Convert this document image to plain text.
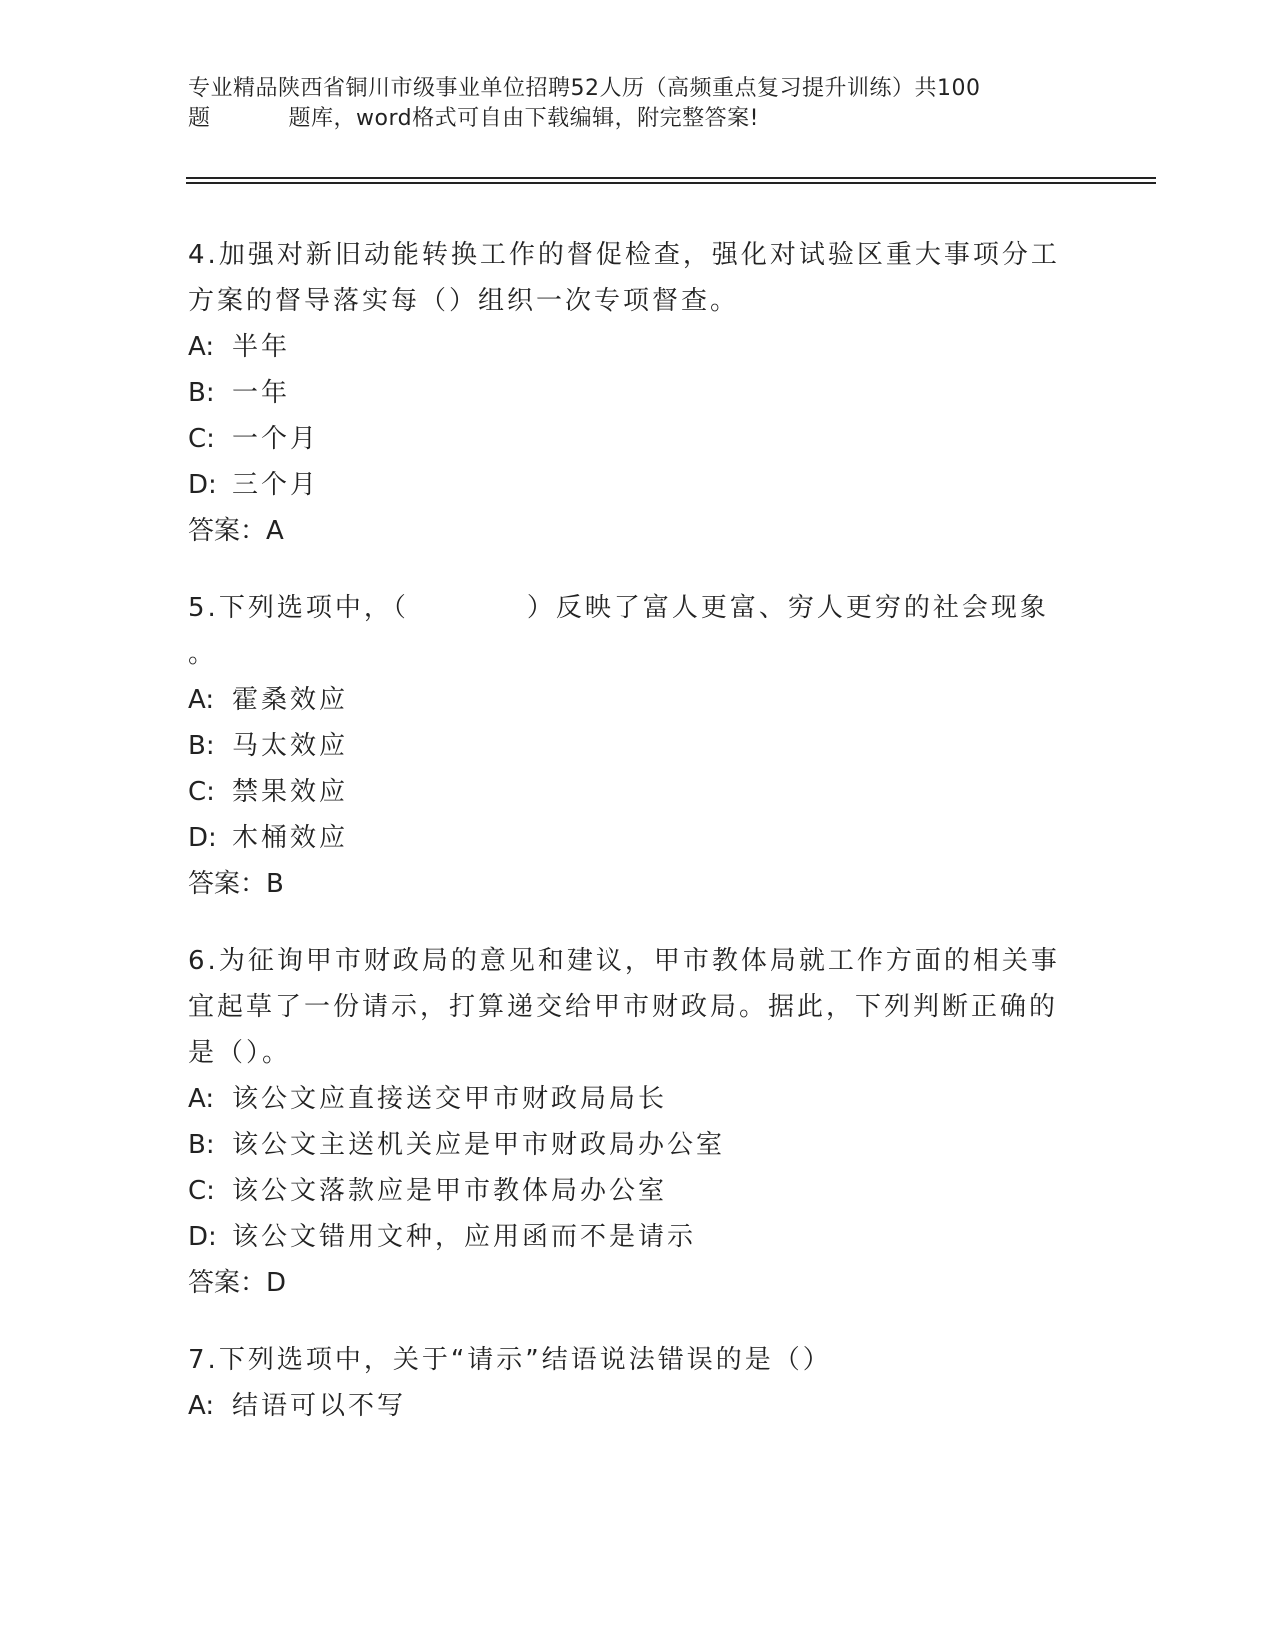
专业精品陕西省铜川市级事业单位招聘52人历（高频重点复习提升训练）共100
题	题库，word格式可自由下载编辑，附完整答案!
4.加强对新旧动能转换工作的督促检查，强化对试验区重大事项分工方案的督导落实每（）组织一次专项督查。
A: 半年
B: 一年
C: 一个月
D: 三个月
答案：A
5.下列选项中，（	）反映了富人更富、穷人更穷的社会现象
。
A: 霍桑效应
B: 马太效应
C: 禁果效应
D: 木桶效应
答案：B
6.为征询甲市财政局的意见和建议，甲市教体局就工作方面的相关事宜起草了一份请示，打算递交给甲市财政局。据此，下列判断正确的是（）。
A: 该公文应直接送交甲市财政局局长
B: 该公文主送机关应是甲市财政局办公室
C: 该公文落款应是甲市教体局办公室
D: 该公文错用文种，应用函而不是请示
答案：D
7.下列选项中，关于“请示”结语说法错误的是（）
A: 结语可以不写
